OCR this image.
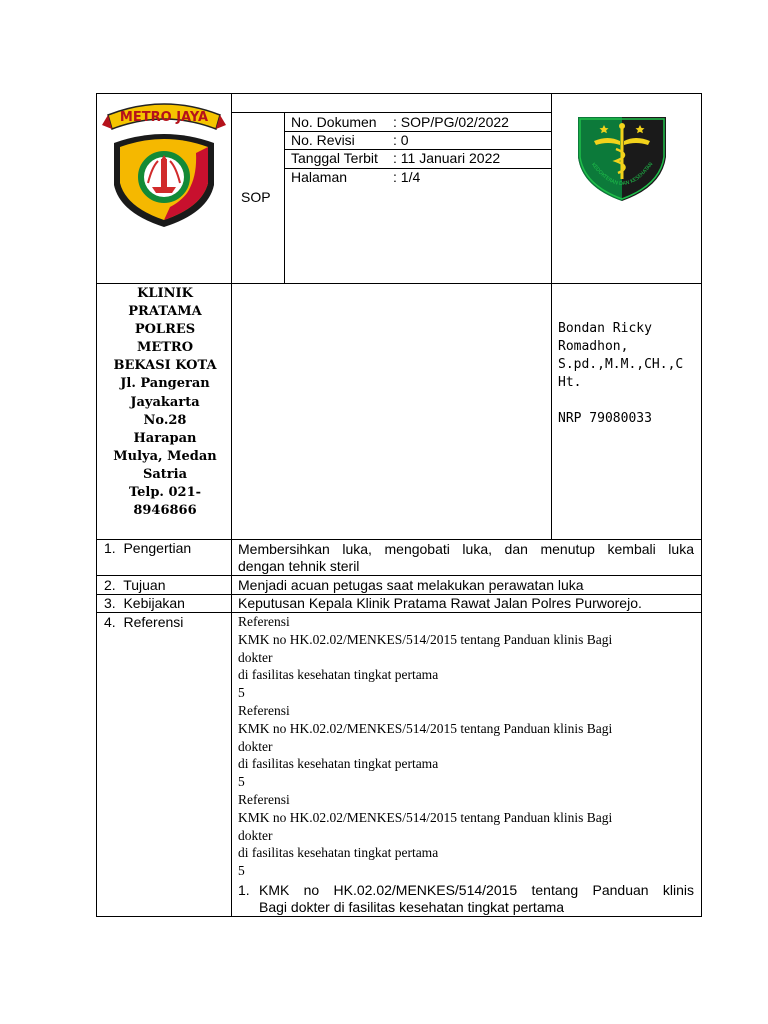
METRO JAYA
SOP
No. Dokumen : SOP/PG/02/2022
No. Revisi	: 0
Tanggal Terbit : 11 Januari 2022
Halaman	: 1/4
KEDOKTERAN DAN KESEHATAN
KLINIK
PRATAMA
POLRES
METRO
BEKASI KOTA
Jl. Pangeran
Jayakarta
No.28
Harapan
Mulya, Medan
Satria
Telp. 021-
8946866
Bondan Ricky
Romadhon,
S.pd.,M.M.,CH.,C
Ht.
NRP 79080033
1.  Pengertian	Membersihkan luka, mengobati luka, dan menutup kembali luka
dengan tehnik steril
2.  Tujuan	Menjadi acuan petugas saat melakukan perawatan luka
3.  Kebijakan	Keputusan Kepala Klinik Pratama Rawat Jalan Polres Purworejo.
4.  Referensi	Referensi
KMK no HK.02.02/MENKES/514/2015 tentang Panduan klinis Bagi
dokter
di fasilitas kesehatan tingkat pertama
5
Referensi
KMK no HK.02.02/MENKES/514/2015 tentang Panduan klinis Bagi
dokter
di fasilitas kesehatan tingkat pertama
5
Referensi
KMK no HK.02.02/MENKES/514/2015 tentang Panduan klinis Bagi
dokter
di fasilitas kesehatan tingkat pertama
5
1. KMK no HK.02.02/MENKES/514/2015 tentang Panduan klinis
Bagi dokter di fasilitas kesehatan tingkat pertama
